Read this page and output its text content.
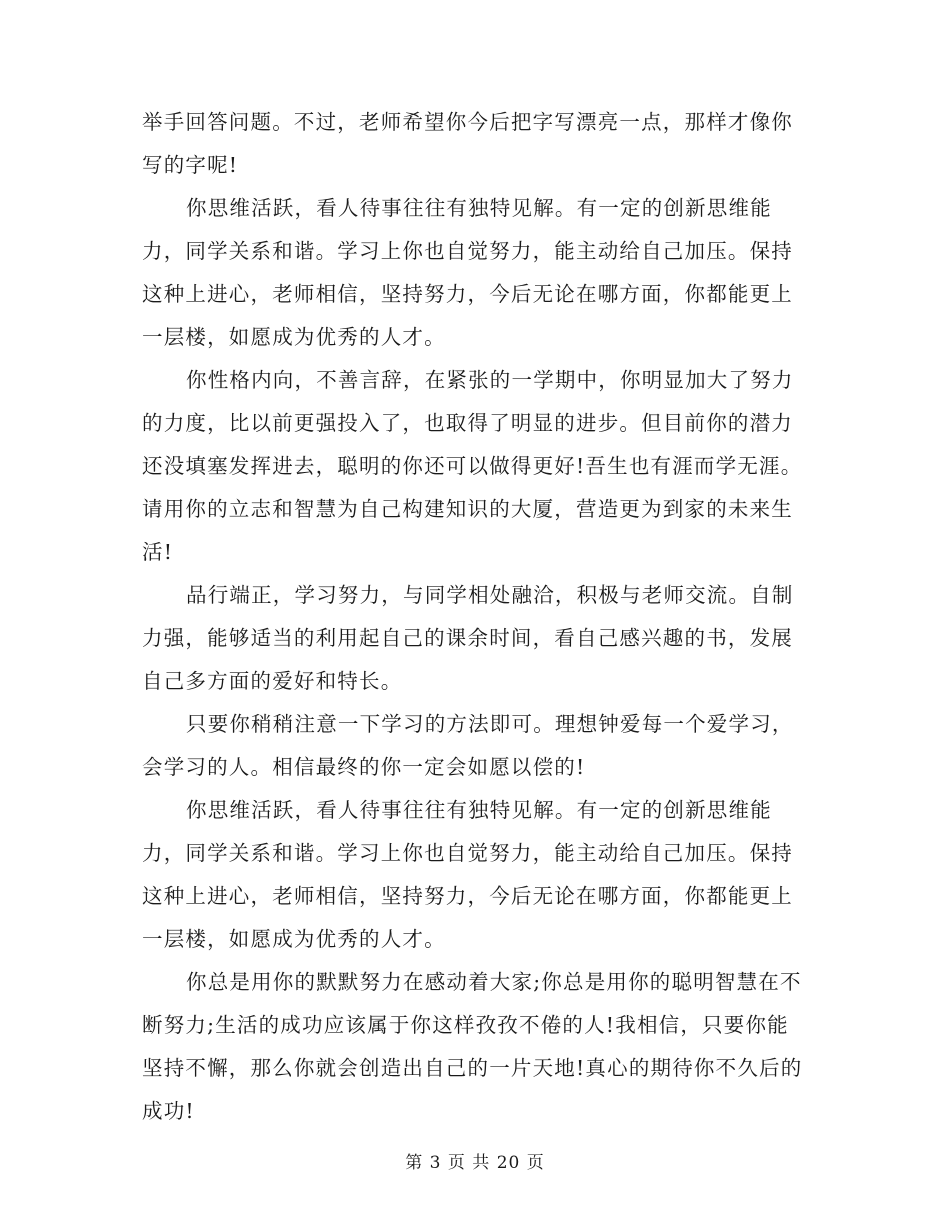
举手回答问题。不过，老师希望你今后把字写漂亮一点，那样才像你
写的字呢!
你思维活跃，看人待事往往有独特见解。有一定的创新思维能
力，同学关系和谐。学习上你也自觉努力，能主动给自己加压。保持
这种上进心，老师相信，坚持努力，今后无论在哪方面，你都能更上
一层楼，如愿成为优秀的人才。
你性格内向，不善言辞，在紧张的一学期中，你明显加大了努力
的力度，比以前更强投入了，也取得了明显的进步。但目前你的潜力
还没填塞发挥进去，聪明的你还可以做得更好!吾生也有涯而学无涯。
请用你的立志和智慧为自己构建知识的大厦，营造更为到家的未来生
活!
品行端正，学习努力，与同学相处融洽，积极与老师交流。自制
力强，能够适当的利用起自己的课余时间，看自己感兴趣的书，发展
自己多方面的爱好和特长。
只要你稍稍注意一下学习的方法即可。理想钟爱每一个爱学习，
会学习的人。相信最终的你一定会如愿以偿的!
你思维活跃，看人待事往往有独特见解。有一定的创新思维能
力，同学关系和谐。学习上你也自觉努力，能主动给自己加压。保持
这种上进心，老师相信，坚持努力，今后无论在哪方面，你都能更上
一层楼，如愿成为优秀的人才。
你总是用你的默默努力在感动着大家;你总是用你的聪明智慧在不
断努力;生活的成功应该属于你这样孜孜不倦的人!我相信，只要你能
坚持不懈，那么你就会创造出自己的一片天地!真心的期待你不久后的
成功!
第 3 页 共 20 页
